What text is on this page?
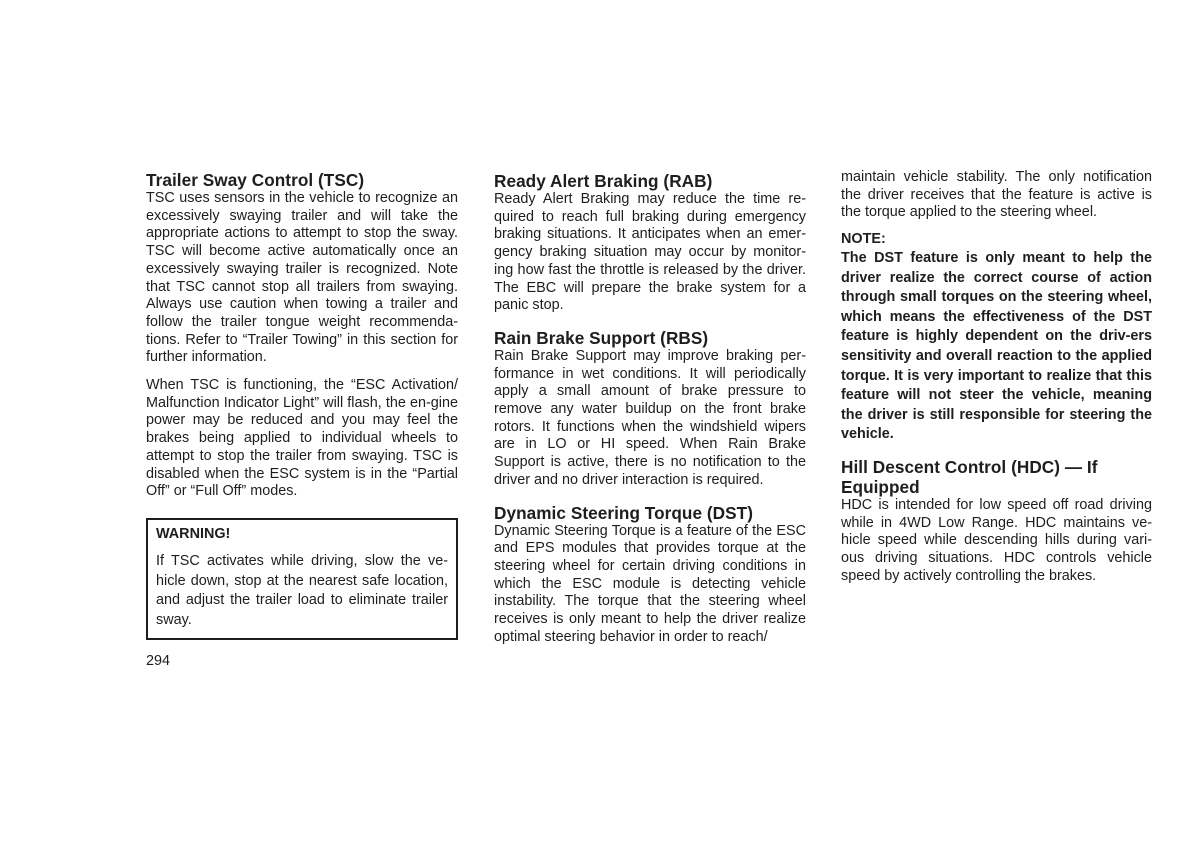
Trailer Sway Control (TSC)

TSC uses sensors in the vehicle to recognize an excessively swaying trailer and will take the appropriate actions to attempt to stop the sway. TSC will become active automatically once an excessively swaying trailer is recognized. Note that TSC cannot stop all trailers from swaying. Always use caution when towing a trailer and follow the trailer tongue weight recommenda-tions. Refer to “Trailer Towing” in this section for further information.

When TSC is functioning, the “ESC Activation/ Malfunction Indicator Light” will flash, the en-gine power may be reduced and you may feel the brakes being applied to individual wheels to attempt to stop the trailer from swaying. TSC is disabled when the ESC system is in the “Partial Off” or “Full Off” modes.

WARNING!
If TSC activates while driving, slow the ve-hicle down, stop at the nearest safe location, and adjust the trailer load to eliminate trailer sway.
Ready Alert Braking (RAB)

Ready Alert Braking may reduce the time re-quired to reach full braking during emergency braking situations. It anticipates when an emer-gency braking situation may occur by monitor-ing how fast the throttle is released by the driver. The EBC will prepare the brake system for a panic stop.

Rain Brake Support (RBS)

Rain Brake Support may improve braking per-formance in wet conditions. It will periodically apply a small amount of brake pressure to remove any water buildup on the front brake rotors. It functions when the windshield wipers are in LO or HI speed. When Rain Brake Support is active, there is no notification to the driver and no driver interaction is required.

Dynamic Steering Torque (DST)

Dynamic Steering Torque is a feature of the ESC and EPS modules that provides torque at the steering wheel for certain driving conditions in which the ESC module is detecting vehicle instability. The torque that the steering wheel receives is only meant to help the driver realize optimal steering behavior in order to reach/

maintain vehicle stability. The only notification the driver receives that the feature is active is the torque applied to the steering wheel.

NOTE:
The DST feature is only meant to help the driver realize the correct course of action through small torques on the steering wheel, which means the effectiveness of the DST feature is highly dependent on the driv-ers sensitivity and overall reaction to the applied torque. It is very important to realize that this feature will not steer the vehicle, meaning the driver is still responsible for steering the vehicle.
Hill Descent Control (HDC) — If Equipped

HDC is intended for low speed off road driving while in 4WD Low Range. HDC maintains ve-hicle speed while descending hills during vari-ous driving situations. HDC controls vehicle speed by actively controlling the brakes.

294
